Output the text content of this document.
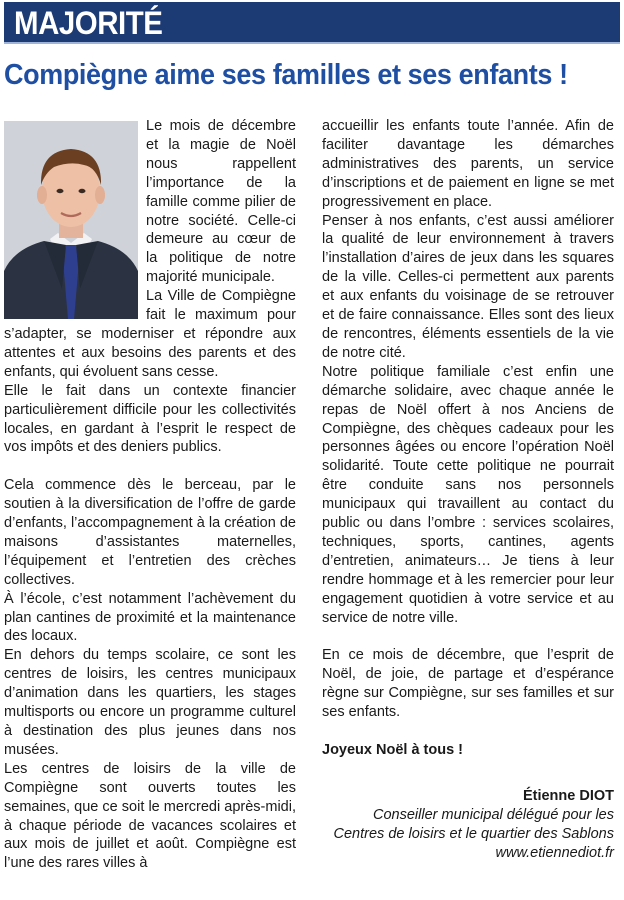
MAJORITÉ
Compiègne aime ses familles et ses enfants !

Le mois de décembre et la magie de Noël nous rappellent l’importance de la famille comme pilier de notre société. Celle-ci demeure au cœur de la politique de notre majorité municipale.

La Ville de Compiègne fait le maximum pour s’adapter, se moderniser et répondre aux attentes et aux besoins des parents et des enfants, qui évoluent sans cesse.

Elle le fait dans un contexte financier particulièrement difficile pour les collectivités locales, en gardant à l’esprit le respect de vos impôts et des deniers publics.

Cela commence dès le berceau, par le soutien à la diversification de l’offre de garde d’enfants, l’accompagnement à la création de maisons d’assistantes maternelles, l’équipement et l’entretien des crèches collectives.

À l’école, c’est notamment l’achèvement du plan cantines de proximité et la maintenance des locaux.

En dehors du temps scolaire, ce sont les centres de loisirs, les centres municipaux d’animation dans les quartiers, les stages multisports ou encore un programme culturel à destination des plus jeunes dans nos musées.

Les centres de loisirs de la ville de Compiègne sont ouverts toutes les semaines, que ce soit le mercredi après-midi, à chaque période de vacances scolaires et aux mois de juillet et août. Compiègne est l’une des rares villes à

accueillir les enfants toute l’année. Afin de faciliter davantage les démarches administratives des parents, un service d’inscriptions et de paiement en ligne se met progressivement en place.

Penser à nos enfants, c’est aussi améliorer la qualité de leur environnement à travers l’installation d’aires de jeux dans les squares de la ville. Celles-ci permettent aux parents et aux enfants du voisinage de se retrouver et de faire connaissance. Elles sont des lieux de rencontres, éléments essentiels de la vie de notre cité.

Notre politique familiale c’est enfin une démarche solidaire, avec chaque année le repas de Noël offert à nos Anciens de Compiègne, des chèques cadeaux pour les personnes âgées ou encore l’opération Noël solidarité. Toute cette politique ne pourrait être conduite sans nos personnels municipaux qui travaillent au contact du public ou dans l’ombre : services scolaires, techniques, sports, cantines, agents d’entretien, animateurs… Je tiens à leur rendre hommage et à les remercier pour leur engagement quotidien à votre service et au service de notre ville.

En ce mois de décembre, que l’esprit de Noël, de joie, de partage et d’espérance règne sur Compiègne, sur ses familles et sur ses enfants.

Joyeux Noël à tous !

Étienne DIOT
Conseiller municipal délégué pour les
Centres de loisirs et le quartier des Sablons
www.etiennediot.fr
